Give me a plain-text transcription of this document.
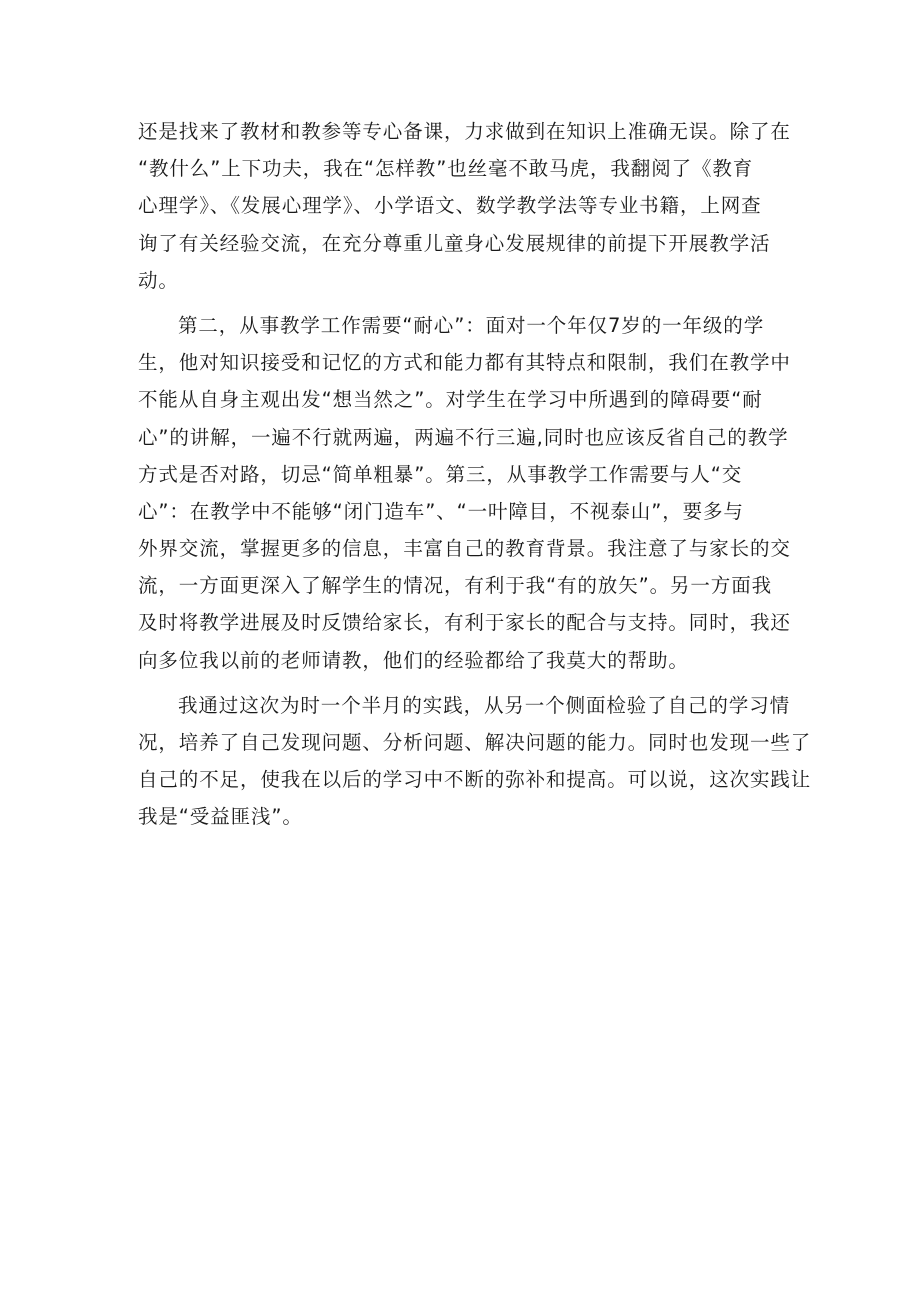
还是找来了教材和教参等专心备课，力求做到在知识上准确无误。除了在
“教什么”上下功夫，我在“怎样教”也丝毫不敢马虎，我翻阅了《教育
心理学》、《发展心理学》、小学语文、数学教学法等专业书籍，上网查
询了有关经验交流，在充分尊重儿童身心发展规律的前提下开展教学活
动。
第二，从事教学工作需要“耐心”：面对一个年仅7岁的一年级的学
生，他对知识接受和记忆的方式和能力都有其特点和限制，我们在教学中
不能从自身主观出发“想当然之”。对学生在学习中所遇到的障碍要“耐
心”的讲解，一遍不行就两遍，两遍不行三遍,同时也应该反省自己的教学
方式是否对路，切忌“简单粗暴”。第三，从事教学工作需要与人“交
心”：在教学中不能够“闭门造车”、“一叶障目，不视泰山”，要多与
外界交流，掌握更多的信息，丰富自己的教育背景。我注意了与家长的交
流，一方面更深入了解学生的情况，有利于我“有的放矢”。另一方面我
及时将教学进展及时反馈给家长，有利于家长的配合与支持。同时，我还
向多位我以前的老师请教，他们的经验都给了我莫大的帮助。
我通过这次为时一个半月的实践，从另一个侧面检验了自己的学习情
况，培养了自己发现问题、分析问题、解决问题的能力。同时也发现一些了
自己的不足，使我在以后的学习中不断的弥补和提高。可以说，这次实践让
我是“受益匪浅”。
